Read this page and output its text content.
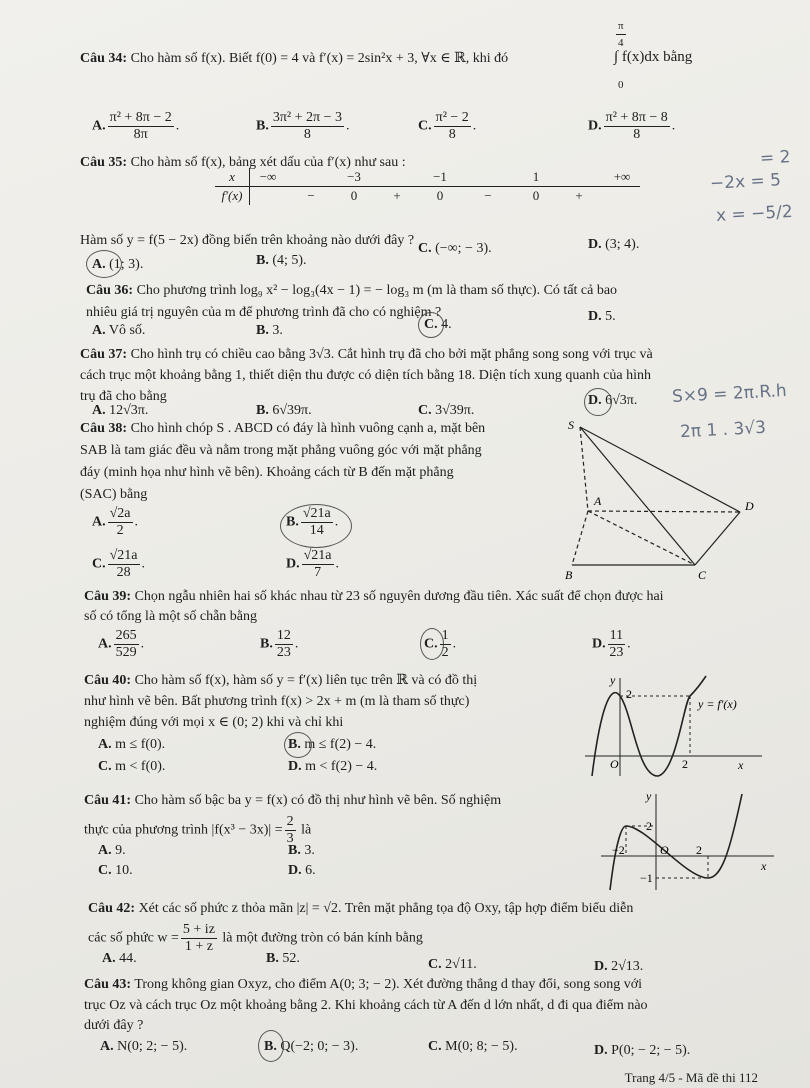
$\frac{\pi}{4}$
0
Câu 34: Cho hàm số f(x). Biết f(0) = 4 và f′(x) = 2sin²x + 3, ∀x ∈ ℝ, khi đó	∫ f(x)dx bằng
A. $\frac{\text{π² + 8π − 2}}{8\pi}$ .	B. $\frac{\text{3π² + 2π − 3}}{8}$ .	C. $\frac{\text{π² − 2}}{8}$ .	D. $\frac{\text{π² + 8π − 8}}{8}$ .
Câu 35: Cho hàm số f(x), bảng xét dấu của f′(x) như sau :
x	−∞		−3		−1		1		+∞
f′(x)		−	0	+	0	−	0	+	
Hàm số y = f(5 − 2x) đồng biến trên khoảng nào dưới đây ?
A. (1; 3).	B. (4; 5).
C. (−∞; − 3).	D. (3; 4).
Câu 36: Cho phương trình log₉ x² − log₃(4x − 1) = − log₃ m (m là tham số thực). Có tất cả bao
nhiêu giá trị nguyên của m để phương trình đã cho có nghiệm ?
A. Vô số.	B. 3.	C. 4.
D. 5.
Câu 37: Cho hình trụ có chiều cao bằng 3√3. Cắt hình trụ đã cho bởi mặt phẳng song song với trục và
cách trục một khoảng bằng 1, thiết diện thu được có diện tích bằng 18. Diện tích xung quanh của hình
trụ đã cho bằng
A. 12√3π.	B. 6√39π.	C. 3√39π.
D. 6√3π.
Câu 38: Cho hình chóp S . ABCD có đáy là hình vuông cạnh a, mặt bên
SAB là tam giác đều và nằm trong mặt phẳng vuông góc với mặt phẳng
đáy (minh họa như hình vẽ bên). Khoảng cách từ B đến mặt phẳng
(SAC) bằng
A. $\frac{√2a}{2}$ .	B. $\frac{√21a}{14}$ .
C. $\frac{√21a}{28}$ .	D. $\frac{√21a}{7}$ .
S
A
B	C
D
Câu 39: Chọn ngẫu nhiên hai số khác nhau từ 23 số nguyên dương đầu tiên. Xác suất để chọn được hai
số có tổng là một số chẵn bằng
A. $\frac{265}{529}$ .	B. $\frac{12}{23}$ .	C. $\frac{1}{2}$ .	D. $\frac{11}{23}$ .
Câu 40: Cho hàm số f(x), hàm số y = f′(x) liên tục trên ℝ và có đồ thị
như hình vẽ bên. Bất phương trình f(x) > 2x + m (m là tham số thực)
nghiệm đúng với mọi x ∈ (0; 2) khi và chỉ khi
A. m ≤ f(0).	B. m ≤ f(2) − 4.
C. m < f(0).	D. m < f(2) − 4.
y
x
O
2
2
y = f′(x)
Câu 41: Cho hàm số bậc ba y = f(x) có đồ thị như hình vẽ bên. Số nghiệm
thực của phương trình $|f(x^3 - 3x)| = \frac{2}{3}$ là
A. 9.	B. 3.
C. 10.	D. 6.
y
x
O
2
−2	2
−1
Câu 42: Xét các số phức z thỏa mãn |z| = √2. Trên mặt phẳng tọa độ Oxy, tập hợp điểm biểu diễn
các số phức $w = \frac{5 + iz}{1 + z}$ là một đường tròn có bán kính bằng
A. 44.	B. 52.	C. 2√11.	D. 2√13.
Câu 43: Trong không gian Oxyz, cho điểm A(0; 3; − 2). Xét đường thẳng d thay đổi, song song với
trục Oz và cách trục Oz một khoảng bằng 2. Khi khoảng cách từ A đến d lớn nhất, d đi qua điểm nào
dưới đây ?
A. N(0; 2; − 5).	B. Q(−2; 0; − 3).	C. M(0; 8; − 5).	D. P(0; − 2; − 5).
= 2
−2x = 5
x = −5/2
S×9 = 2π.R.h
2π 1 . 3√3
Trang 4/5 - Mã đề thi 112
